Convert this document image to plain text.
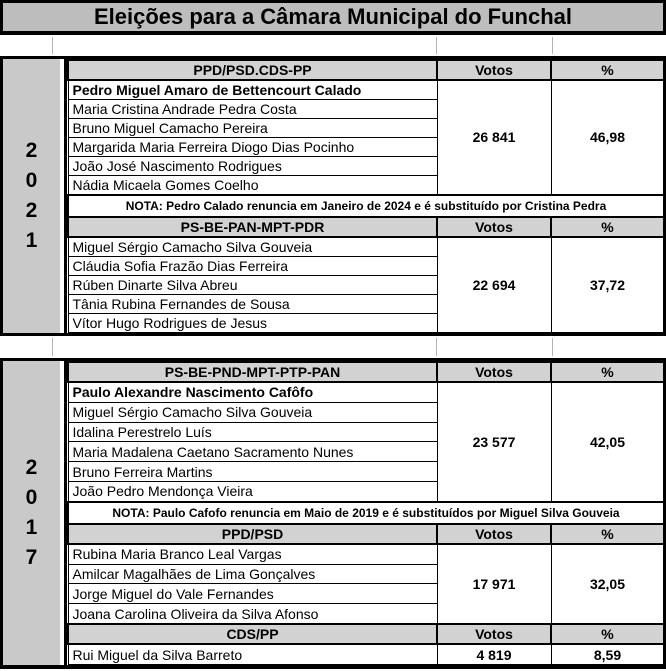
Eleições para a Câmara Municipal do Funchal
2
0
2
1
PPD/PSD.CDS-PP	Votos	%
Pedro Miguel Amaro de Bettencourt Calado	26 841	46,98
Maria Cristina Andrade Pedra Costa		
Bruno Miguel Camacho Pereira		
Margarida Maria Ferreira Diogo Dias Pocinho		
João José Nascimento Rodrigues		
Nádia Micaela Gomes Coelho		
NOTA: Pedro Calado renuncia em Janeiro de 2024 e é substituído por Cristina Pedra		
PS-BE-PAN-MPT-PDR	Votos	%
Miguel Sérgio Camacho Silva Gouveia	22 694	37,72
Cláudia Sofia Frazão Dias Ferreira		
Rúben Dinarte Silva Abreu		
Tânia Rubina Fernandes de Sousa		
Vítor Hugo Rodrigues de Jesus		
2
0
1
7
PS-BE-PND-MPT-PTP-PAN	Votos	%
Paulo Alexandre Nascimento Cafôfo	23 577	42,05
Miguel Sérgio Camacho Silva Gouveia		
Idalina Perestrelo Luís		
Maria Madalena Caetano Sacramento Nunes		
Bruno Ferreira Martins		
João Pedro Mendonça Vieira		
NOTA: Paulo Cafofo renuncia em Maio de 2019 e é substituídos por Miguel Silva Gouveia		
PPD/PSD	Votos	%
Rubina Maria Branco Leal Vargas	17 971	32,05
Amilcar Magalhães de Lima Gonçalves		
Jorge Miguel do Vale Fernandes		
Joana Carolina Oliveira da Silva Afonso		
CDS/PP	Votos	%
Rui Miguel da Silva Barreto	4 819	8,59
